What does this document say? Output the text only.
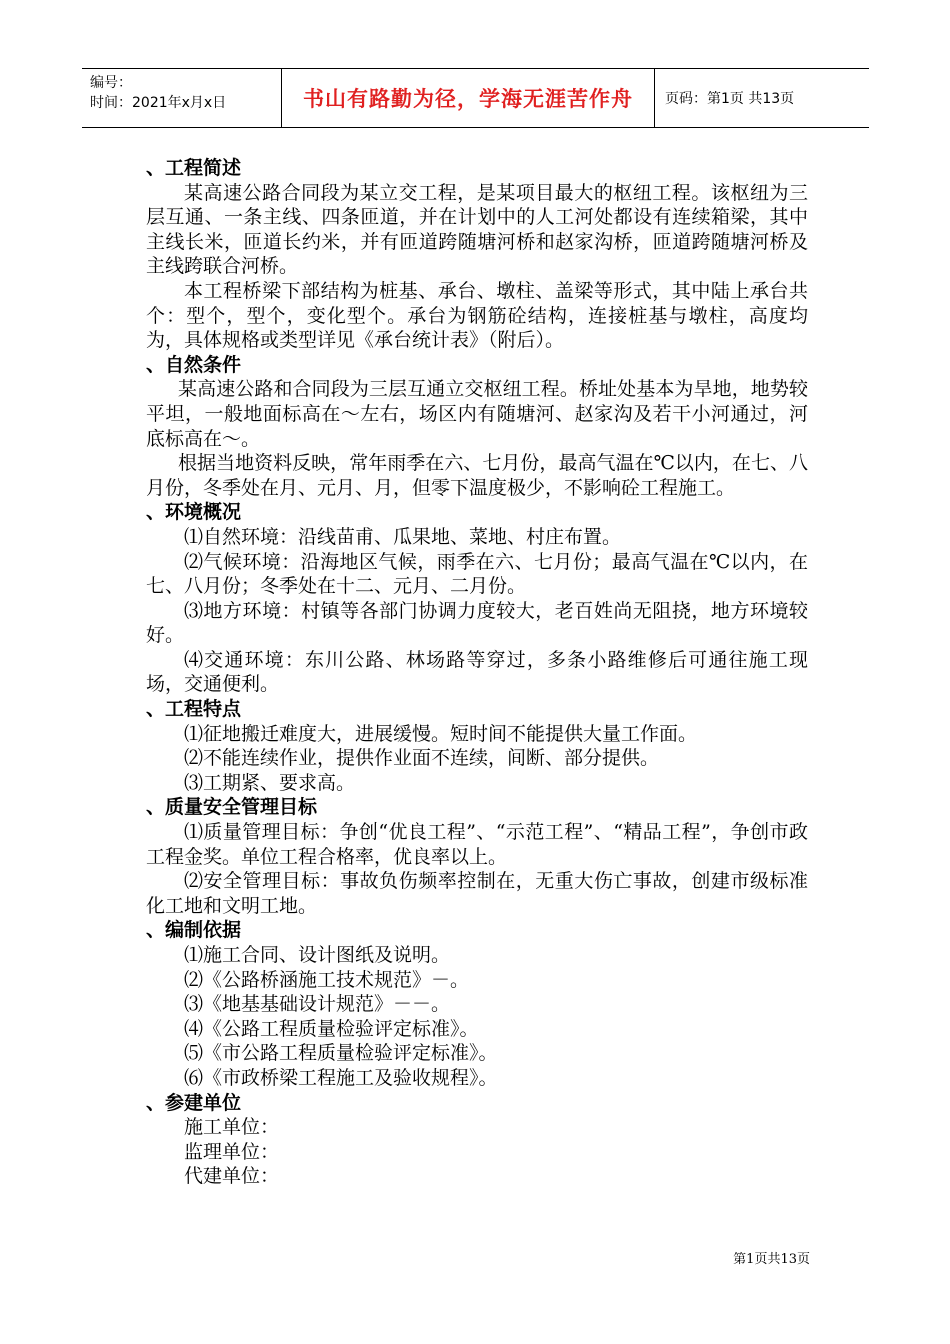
编号：
时间：2021年x月x日	书山有路勤为径，学海无涯苦作舟	页码：第1页 共13页

、工程简述

某高速公路合同段为某立交工程，是某项目最大的枢纽工程。该枢纽为三层互通、一条主线、四条匝道，并在计划中的人工河处都设有连续箱梁，其中主线长米，匝道长约米，并有匝道跨随塘河桥和赵家沟桥，匝道跨随塘河桥及主线跨联合河桥。

本工程桥梁下部结构为桩基、承台、墩柱、盖梁等形式，其中陆上承台共个：型个，型个，变化型个。承台为钢筋砼结构，连接桩基与墩柱，高度均为，具体规格或类型详见《承台统计表》（附后）。

、自然条件

某高速公路和合同段为三层互通立交枢纽工程。桥址处基本为旱地，地势较平坦，一般地面标高在～左右，场区内有随塘河、赵家沟及若干小河通过，河底标高在～。

根据当地资料反映，常年雨季在六、七月份，最高气温在℃以内，在七、八月份，冬季处在月、元月、月，但零下温度极少，不影响砼工程施工。

、环境概况

⑴自然环境：沿线苗甫、瓜果地、菜地、村庄布置。

⑵气候环境：沿海地区气候，雨季在六、七月份；最高气温在℃以内，在七、八月份；冬季处在十二、元月、二月份。

⑶地方环境：村镇等各部门协调力度较大，老百姓尚无阻挠，地方环境较好。

⑷交通环境：东川公路、林场路等穿过，多条小路维修后可通往施工现场，交通便利。

、工程特点

⑴征地搬迁难度大，进展缓慢。短时间不能提供大量工作面。

⑵不能连续作业，提供作业面不连续，间断、部分提供。

⑶工期紧、要求高。

、质量安全管理目标

⑴质量管理目标：争创“优良工程”、“示范工程”、“精品工程”，争创市政工程金奖。单位工程合格率，优良率以上。

⑵安全管理目标：事故负伤频率控制在，无重大伤亡事故，创建市级标准化工地和文明工地。

、编制依据

⑴施工合同、设计图纸及说明。

⑵《公路桥涵施工技术规范》－。

⑶《地基基础设计规范》－－。

⑷《公路工程质量检验评定标准》。

⑸《市公路工程质量检验评定标准》。

⑹《市政桥梁工程施工及验收规程》。

、参建单位

施工单位：

监理单位：

代建单位：

第1页共13页
